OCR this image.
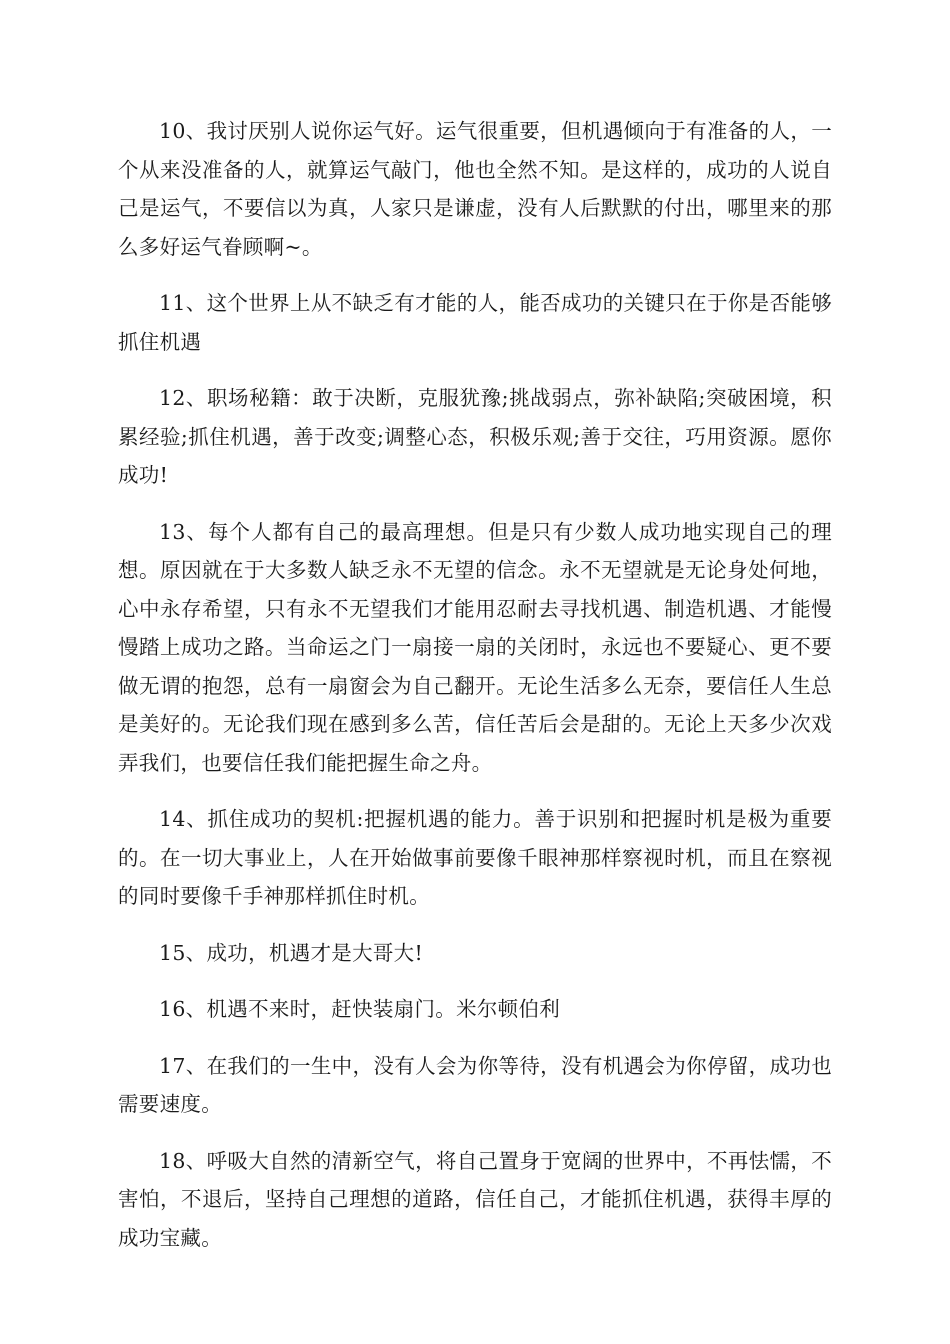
10、我讨厌别人说你运气好。运气很重要，但机遇倾向于有准备的人，一个从来没准备的人，就算运气敲门，他也全然不知。是这样的，成功的人说自己是运气，不要信以为真，人家只是谦虚，没有人后默默的付出，哪里来的那么多好运气眷顾啊~。

11、这个世界上从不缺乏有才能的人，能否成功的关键只在于你是否能够抓住机遇

12、职场秘籍：敢于决断，克服犹豫;挑战弱点，弥补缺陷;突破困境，积累经验;抓住机遇，善于改变;调整心态，积极乐观;善于交往，巧用资源。愿你成功!

13、每个人都有自己的最高理想。但是只有少数人成功地实现自己的理想。原因就在于大多数人缺乏永不无望的信念。永不无望就是无论身处何地，心中永存希望，只有永不无望我们才能用忍耐去寻找机遇、制造机遇、才能慢慢踏上成功之路。当命运之门一扇接一扇的关闭时，永远也不要疑心、更不要做无谓的抱怨，总有一扇窗会为自己翻开。无论生活多么无奈，要信任人生总是美好的。无论我们现在感到多么苦，信任苦后会是甜的。无论上天多少次戏弄我们，也要信任我们能把握生命之舟。

14、抓住成功的契机:把握机遇的能力。善于识别和把握时机是极为重要的。在一切大事业上，人在开始做事前要像千眼神那样察视时机，而且在察视的同时要像千手神那样抓住时机。

15、成功，机遇才是大哥大!

16、机遇不来时，赶快装扇门。米尔顿伯利

17、在我们的一生中，没有人会为你等待，没有机遇会为你停留，成功也需要速度。

18、呼吸大自然的清新空气，将自己置身于宽阔的世界中，不再怯懦，不害怕，不退后，坚持自己理想的道路，信任自己，才能抓住机遇，获得丰厚的成功宝藏。
